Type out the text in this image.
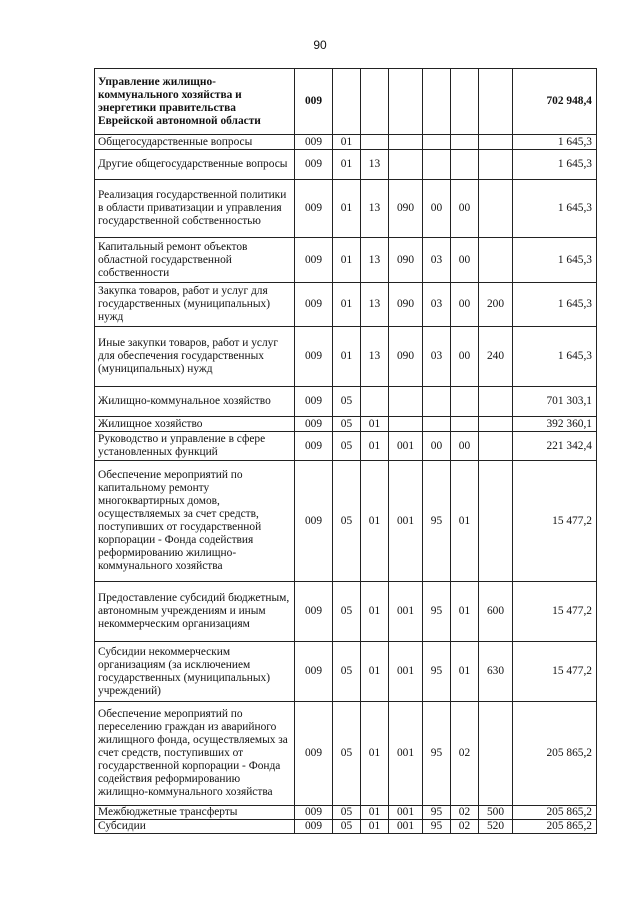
90
Управление жилищно-коммунального хозяйства и энергетики правительства Еврейской автономной области	009							702 948,4
Общегосударственные вопросы	009	01						1 645,3
Другие общегосударственные вопросы	009	01	13					1 645,3
Реализация государственной политики в области приватизации и управления государственной собственностью	009	01	13	090	00	00		1 645,3
Капитальный ремонт объектов областной государственной собственности	009	01	13	090	03	00		1 645,3
Закупка товаров, работ и услуг для государственных (муниципальных) нужд	009	01	13	090	03	00	200	1 645,3
Иные закупки товаров, работ и услуг для обеспечения государственных (муниципальных) нужд	009	01	13	090	03	00	240	1 645,3
Жилищно-коммунальное хозяйство	009	05						701 303,1
Жилищное хозяйство	009	05	01					392 360,1
Руководство и управление в сфере установленных функций	009	05	01	001	00	00		221 342,4
Обеспечение мероприятий по капитальному ремонту многоквартирных домов, осуществляемых за счет средств, поступивших от государственной корпорации - Фонда содействия реформированию жилищно-коммунального хозяйства	009	05	01	001	95	01		15 477,2
Предоставление субсидий бюджетным, автономным учреждениям и иным некоммерческим организациям	009	05	01	001	95	01	600	15 477,2
Субсидии некоммерческим организациям (за исключением государственных (муниципальных) учреждений)	009	05	01	001	95	01	630	15 477,2
Обеспечение мероприятий по переселению граждан из аварийного жилищного фонда, осуществляемых за счет средств, поступивших от государственной корпорации - Фонда содействия реформированию жилищно-коммунального хозяйства	009	05	01	001	95	02		205 865,2
Межбюджетные трансферты	009	05	01	001	95	02	500	205 865,2
Субсидии	009	05	01	001	95	02	520	205 865,2
